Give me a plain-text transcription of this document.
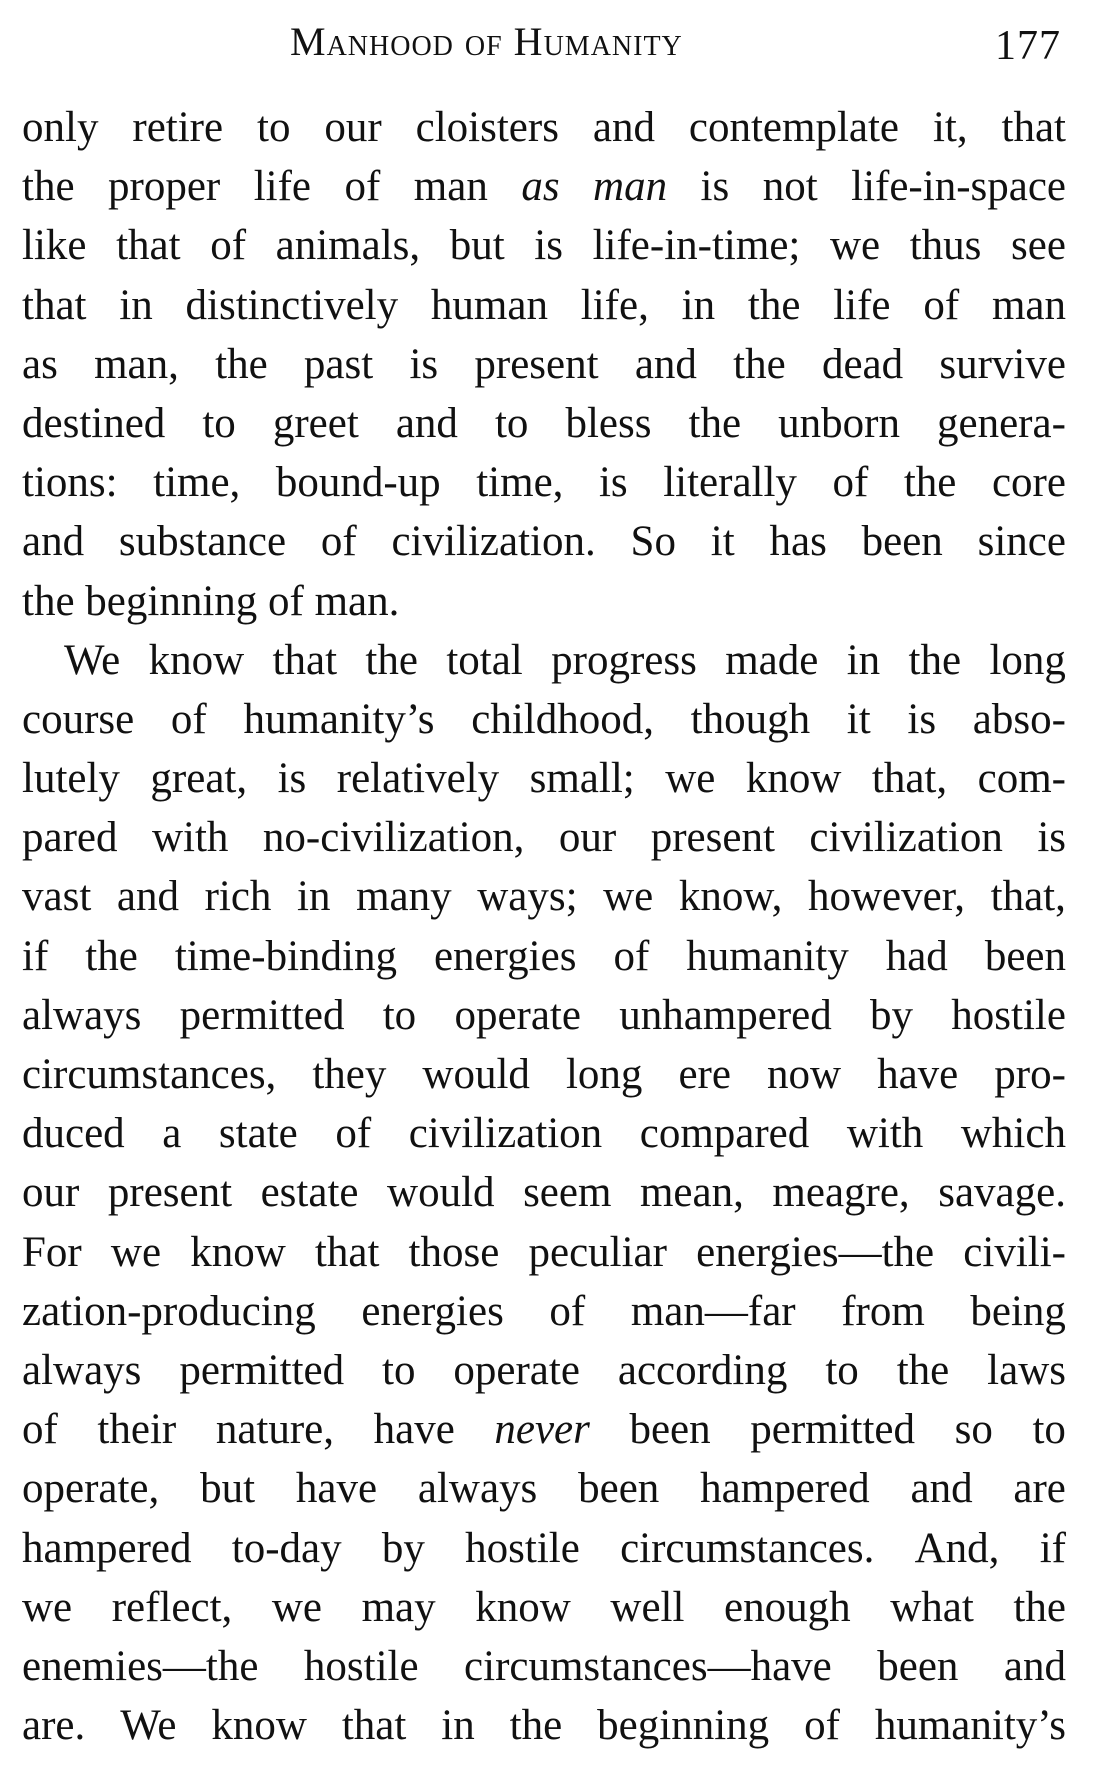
Manhood of Humanity	177
only retire to our cloisters and contemplate it, that
the proper life of man as man is not life-in-space
like that of animals, but is life-in-time; we thus see
that in distinctively human life, in the life of man
as man, the past is present and the dead survive
destined to greet and to bless the unborn genera-
tions: time, bound-up time, is literally of the core
and substance of civilization. So it has been since
the beginning of man.
We know that the total progress made in the long
course of humanity’s childhood, though it is abso-
lutely great, is relatively small; we know that, com-
pared with no-civilization, our present civilization is
vast and rich in many ways; we know, however, that,
if the time-binding energies of humanity had been
always permitted to operate unhampered by hostile
circumstances, they would long ere now have pro-
duced a state of civilization compared with which
our present estate would seem mean, meagre, savage.
For we know that those peculiar energies—the civili-
zation-producing energies of man—far from being
always permitted to operate according to the laws
of their nature, have never been permitted so to
operate, but have always been hampered and are
hampered to-day by hostile circumstances. And, if
we reflect, we may know well enough what the
enemies—the hostile circumstances—have been and
are. We know that in the beginning of humanity’s
